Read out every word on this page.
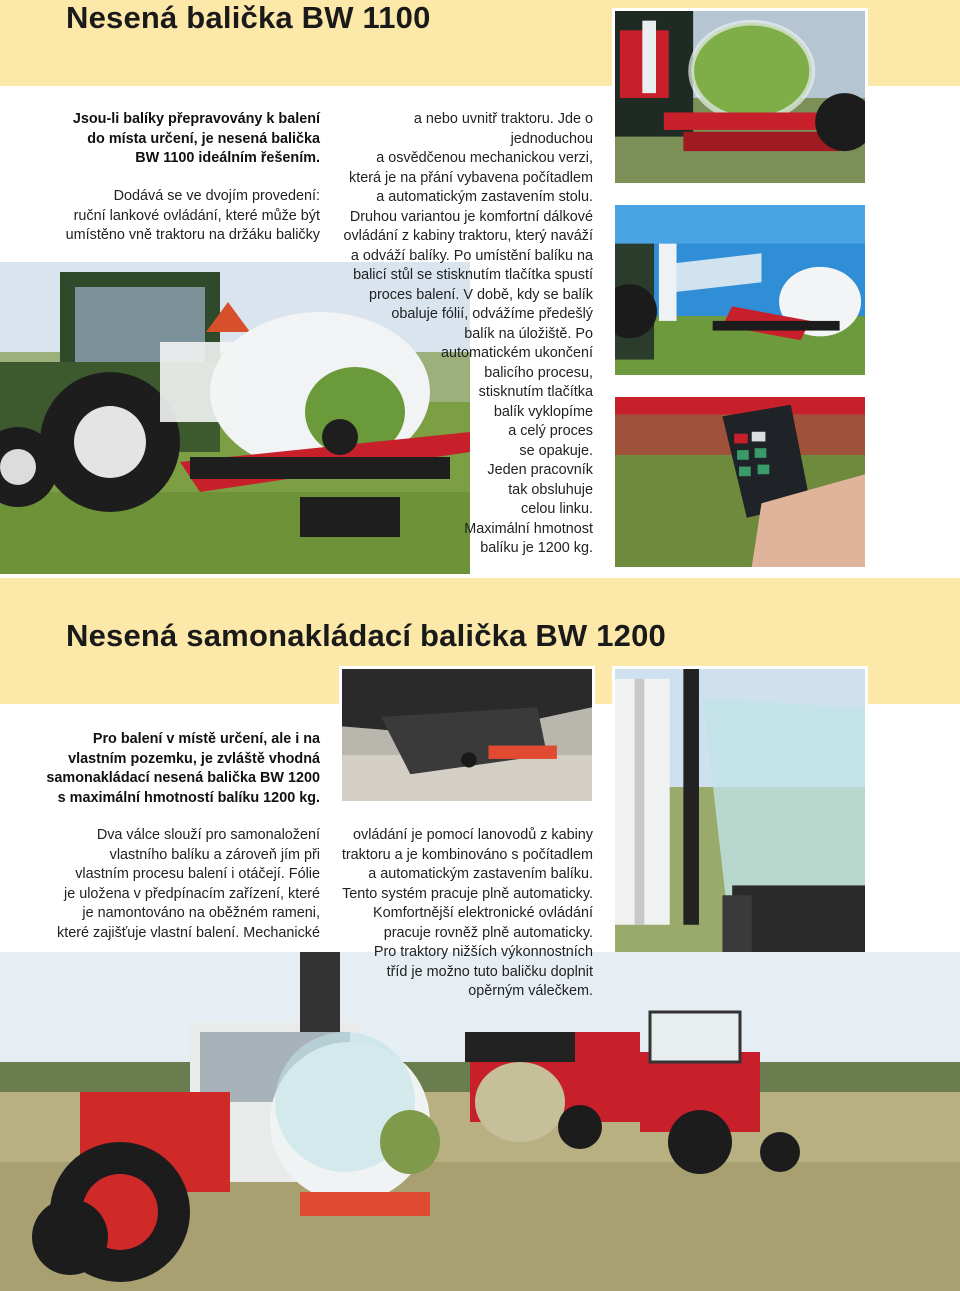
Nesená balička BW 1100
Nesená samonakládací balička BW 1200
Jsou-li balíky přepravovány k balení
do místa určení, je nesená balička
BW 1100 ideálním řešením.
Dodává se ve dvojím provedení:
ruční lankové ovládání, které může být
umístěno vně traktoru na držáku baličky
a nebo uvnitř traktoru. Jde o jednoduchou
a osvědčenou mechanickou verzi,
která je na přání vybavena počítadlem
a automatickým zastavením stolu.
Druhou variantou je komfortní dálkové
ovládání z kabiny traktoru, který naváží
a odváží balíky. Po umístění balíku na
balicí stůl se stisknutím tlačítka spustí
proces balení. V době, kdy se balík
obaluje fólií, odvážíme předešlý
balík na úložiště. Po
automatickém ukončení
balicího procesu,
stisknutím tlačítka
balík vyklopíme
a celý proces
se opakuje.
Jeden pracovník
tak obsluhuje
celou linku.
Maximální hmotnost
balíku je 1200 kg.
Pro balení v místě určení, ale i na
vlastním pozemku, je zvláště vhodná
samonakládací nesená balička BW 1200
s maximální hmotností balíku 1200 kg.
Dva válce slouží pro samonaložení
vlastního balíku a zároveň jím při
vlastním procesu balení i otáčejí. Fólie
je uložena v předpínacím zařízení, které
je namontováno na oběžném rameni,
které zajišťuje vlastní balení. Mechanické
ovládání je pomocí lanovodů z kabiny
traktoru a je kombinováno s počítadlem
a automatickým zastavením balíku.
Tento systém pracuje plně automaticky.
Komfortnější elektronické ovládání
pracuje rovněž plně automaticky.
Pro traktory nižších výkonnostních
tříd je možno tuto baličku doplnit
opěrným válečkem.
